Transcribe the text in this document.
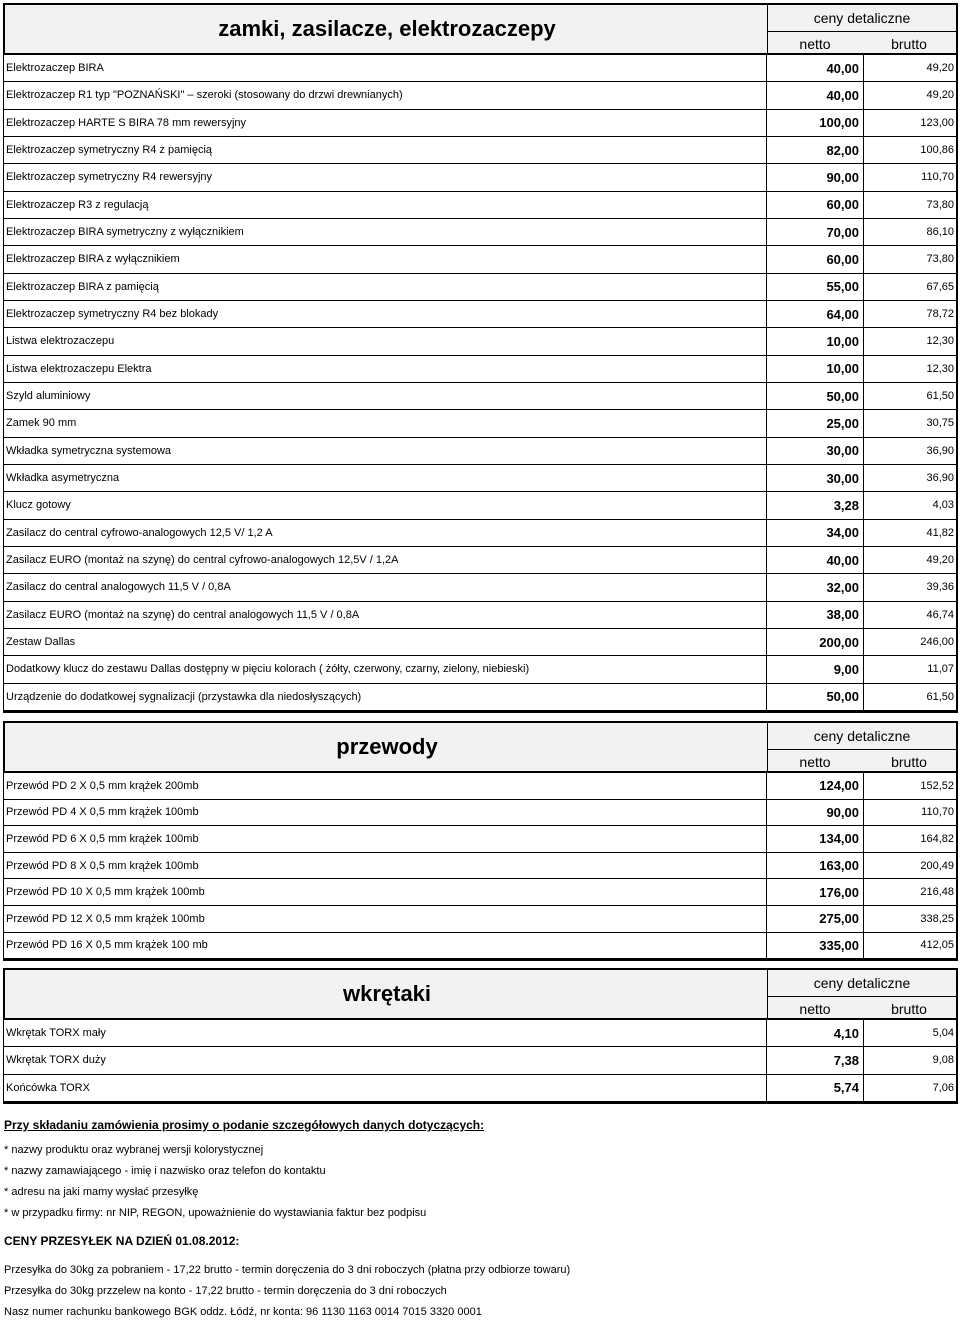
zamki, zasilacze, elektrozaczepy	ceny detaliczne
netto	brutto
Elektrozaczep BIRA	40,00	49,20
Elektrozaczep R1 typ "POZNAŃSKI" – szeroki (stosowany do drzwi drewnianych)	40,00	49,20
Elektrozaczep HARTE S BIRA 78 mm rewersyjny	100,00	123,00
Elektrozaczep symetryczny R4 z pamięcią	82,00	100,86
Elektrozaczep symetryczny R4 rewersyjny	90,00	110,70
Elektrozaczep R3 z regulacją	60,00	73,80
Elektrozaczep BIRA symetryczny z wyłącznikiem	70,00	86,10
Elektrozaczep BIRA z wyłącznikiem	60,00	73,80
Elektrozaczep BIRA z pamięcią	55,00	67,65
Elektrozaczep symetryczny R4 bez blokady	64,00	78,72
Listwa elektrozaczepu	10,00	12,30
Listwa elektrozaczepu Elektra	10,00	12,30
Szyld aluminiowy	50,00	61,50
Zamek 90 mm	25,00	30,75
Wkładka symetryczna systemowa	30,00	36,90
Wkładka asymetryczna	30,00	36,90
Klucz gotowy	3,28	4,03
Zasilacz do central cyfrowo-analogowych 12,5 V/ 1,2 A	34,00	41,82
Zasilacz EURO (montaż na szynę) do central cyfrowo-analogowych 12,5V / 1,2A	40,00	49,20
Zasilacz do central analogowych 11,5 V / 0,8A	32,00	39,36
Zasilacz EURO (montaż na szynę) do central analogowych 11,5 V / 0,8A	38,00	46,74
Zestaw Dallas	200,00	246,00
Dodatkowy klucz do zestawu Dallas dostępny w pięciu kolorach ( żółty, czerwony, czarny, zielony, niebieski)	9,00	11,07
Urządzenie do dodatkowej sygnalizacji (przystawka dla niedosłyszących)	50,00	61,50
przewody	ceny detaliczne
netto	brutto
Przewód PD 2 X 0,5 mm krążek 200mb	124,00	152,52
Przewód PD 4 X 0,5 mm krążek 100mb	90,00	110,70
Przewód PD 6 X 0,5 mm krążek 100mb	134,00	164,82
Przewód PD 8 X 0,5 mm krążek 100mb	163,00	200,49
Przewód PD 10 X 0,5 mm krążek 100mb	176,00	216,48
Przewód PD 12 X 0,5 mm krążek 100mb	275,00	338,25
Przewód PD 16 X 0,5 mm krążek 100 mb	335,00	412,05
wkrętaki	ceny detaliczne
netto	brutto
Wkrętak TORX mały	4,10	5,04
Wkrętak TORX duży	7,38	9,08
Końcówka TORX	5,74	7,06
Przy składaniu zamówienia prosimy o podanie szczegółowych danych dotyczących:
* nazwy produktu oraz wybranej wersji kolorystycznej
* nazwy zamawiającego - imię i nazwisko oraz telefon do kontaktu
* adresu na jaki mamy wysłać przesyłkę
* w przypadku firmy: nr NIP, REGON, upoważnienie do wystawiania faktur bez podpisu
CENY PRZESYŁEK NA DZIEŃ 01.08.2012:
Przesyłka do 30kg za pobraniem - 17,22 brutto - termin doręczenia do 3 dni roboczych (płatna przy odbiorze towaru)
Przesyłka do 30kg przzelew na konto - 17,22 brutto - termin doręczenia do 3 dni roboczych
Nasz numer rachunku bankowego BGK oddz. Łódź, nr konta: 96 1130 1163 0014 7015 3320 0001
